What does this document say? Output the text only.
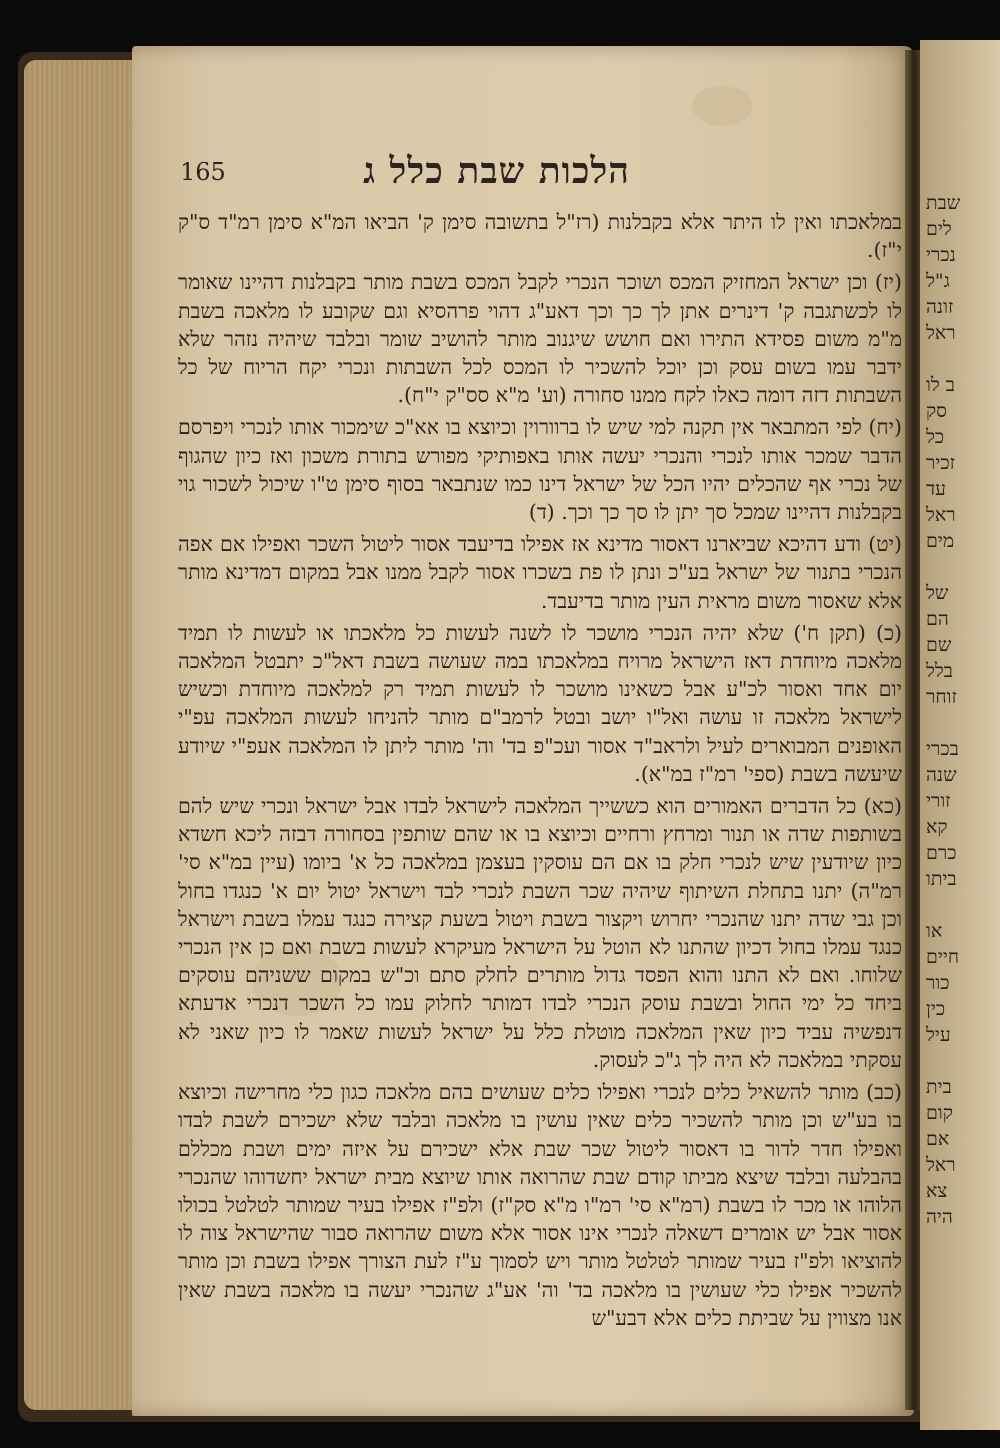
שבת
לים
נכרי
ג"ל
זונה
ראל

ב לו
סק
כל
זכיר
עד
ראל
מים

של
הם
שם
בלל
זוחר

בכרי
שנה
זורי
קא
כרם
ביתו

או
חיים
כור
כין
עיל

בית
קום
אם
ראל
צא
היה
165	הלכות שבת כלל ג

במלאכתו ואין לו היתר אלא בקבלנות (רז"ל בתשובה סימן ק' הביאו המ"א סימן רמ"ד ס"ק י"ז).

(יז) וכן ישראל המחזיק המכס ושוכר הנכרי לקבל המכס בשבת מותר בקבלנות דהיינו שאומר לו לכשתגבה ק' דינרים אתן לך כך וכך דאע"ג דהוי פרהסיא וגם שקובע לו מלאכה בשבת מ"מ משום פסידא התירו ואם חושש שיגנוב מותר להושיב שומר ובלבד שיהיה נזהר שלא ידבר עמו בשום עסק וכן יוכל להשכיר לו המכס לכל השבתות ונכרי יקח הריוח של כל השבתות דזה דומה כאלו לקח ממנו סחורה (וע' מ"א סס"ק י"ח).

(יח) לפי המתבאר אין תקנה למי שיש לו ברוורוין וכיוצא בו אא"כ שימכור אותו לנכרי ויפרסם הדבר שמכר אותו לנכרי והנכרי יעשה אותו באפותיקי מפורש בתורת משכון ואז כיון שהגוף של נכרי אף שהכלים יהיו הכל של ישראל דינו כמו שנתבאר בסוף סימן ט"ו שיכול לשכור גוי בקבלנות דהיינו שמכל סך יתן לו סך כך וכך. (ד)

(יט) ודע דהיכא שביארנו דאסור מדינא אז אפילו בדיעבד אסור ליטול השכר ואפילו אם אפה הנכרי בתנור של ישראל בע"כ ונתן לו פת בשכרו אסור לקבל ממנו אבל במקום דמדינא מותר אלא שאסור משום מראית העין מותר בדיעבד.

(כ) (תקן ח') שלא יהיה הנכרי מושכר לו לשנה לעשות כל מלאכתו או לעשות לו תמיד מלאכה מיוחדת דאז הישראל מרויח במלאכתו במה שעושה בשבת דאל"כ יתבטל המלאכה יום אחד ואסור לכ"ע אבל כשאינו מושכר לו לעשות תמיד רק למלאכה מיוחדת וכשיש לישראל מלאכה זו עושה ואל"ו יושב ובטל לרמב"ם מותר להניחו לעשות המלאכה עפ"י האופנים המבוארים לעיל ולראב"ד אסור ועכ"פ בד' וה' מותר ליתן לו המלאכה אעפ"י שיודע שיעשה בשבת (ספי' רמ"ז במ"א).

(כא) כל הדברים האמורים הוא כששייך המלאכה לישראל לבדו אבל ישראל ונכרי שיש להם בשותפות שדה או תנור ומרחץ ורחיים וכיוצא בו או שהם שותפין בסחורה דבזה ליכא חשדא כיון שיודעין שיש לנכרי חלק בו אם הם עוסקין בעצמן במלאכה כל א' ביומו (עיין במ"א סי' רמ"ה) יתנו בתחלת השיתוף שיהיה שכר השבת לנכרי לבד וישראל יטול יום א' כנגדו בחול וכן גבי שדה יתנו שהנכרי יחרוש ויקצור בשבת ויטול בשעת קצירה כנגד עמלו בשבת וישראל כנגד עמלו בחול דכיון שהתנו לא הוטל על הישראל מעיקרא לעשות בשבת ואם כן אין הנכרי שלוחו. ואם לא התנו והוא הפסד גדול מותרים לחלק סתם וכ"ש במקום ששניהם עוסקים ביחד כל ימי החול ובשבת עוסק הנכרי לבדו דמותר לחלוק עמו כל השכר דנכרי אדעתא דנפשיה עביד כיון שאין המלאכה מוטלת כלל על ישראל לעשות שאמר לו כיון שאני לא עסקתי במלאכה לא היה לך ג"כ לעסוק.

(כב) מותר להשאיל כלים לנכרי ואפילו כלים שעושים בהם מלאכה כגון כלי מחרישה וכיוצא בו בע"ש וכן מותר להשכיר כלים שאין עושין בו מלאכה ובלבד שלא ישכירם לשבת לבדו ואפילו חדר לדור בו דאסור ליטול שכר שבת אלא ישכירם על איזה ימים ושבת מכללם בהבלעה ובלבד שיצא מביתו קודם שבת שהרואה אותו שיוצא מבית ישראל יחשדוהו שהנכרי הלוהו או מכר לו בשבת (רמ"א סי' רמ"ו מ"א סק"ז) ולפ"ז אפילו בעיר שמותר לטלטל בכולו אסור אבל יש אומרים דשאלה לנכרי אינו אסור אלא משום שהרואה סבור שהישראל צוה לו להוציאו ולפ"ז בעיר שמותר לטלטל מותר ויש לסמוך ע"ז לעת הצורך אפילו בשבת וכן מותר להשכיר אפילו כלי שעושין בו מלאכה בד' וה' אע"ג שהנכרי יעשה בו מלאכה בשבת שאין אנו מצווין על שביתת כלים אלא דבע"ש
